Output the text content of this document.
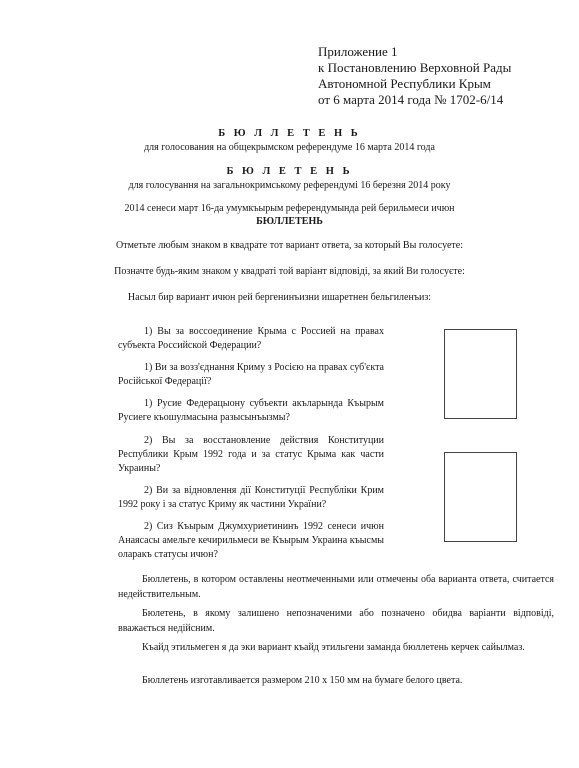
Приложение 1
к Постановлению Верховной Рады
Автономной Республики Крым
от 6 марта 2014 года № 1702-6/14
Б Ю Л Л Е Т Е Н Ь
для голосования на общекрымском референдуме 16 марта 2014 года
Б Ю Л Е Т Е Н Ь
для голосування на загальнокримському референдумі 16 березня 2014 року
2014 сенеси март 16-да умумкъырым референдумында рей берильмеси ичюн
БЮЛЛЕТЕНЬ
Отметьте любым знаком в квадрате тот вариант ответа, за который Вы голосуете:
Позначте будь-яким знаком у квадраті той варіант відповіді, за який Ви голосуєте:
Насыл бир вариант ичюн рей бергенинъизни ишаретнен бельгиленъиз:

1) Вы за воссоединение Крыма с Россией на правах субъекта Российской Федерации?

1) Ви за возз'єднання Криму з Росією на правах суб'єкта Російської Федерації?

1) Русие Федерацыону субъекти акъларында Къырым Русиеге къошулмасына разысынъызмы?

2) Вы за восстановление действия Конституции Республики Крым 1992 года и за статус Крыма как части Украины?

2) Ви за відновлення дії Конституції Республіки Крим 1992 року і за статус Криму як частини України?

2) Сиз Къырым Джумхуриетининъ 1992 сенеси ичюн Анаясасы амельге кечирильмеси ве Къырым Украина къысмы оларакъ статусы ичюн?

Бюллетень, в котором оставлены неотмеченными или отмечены оба варианта ответа, считается недействительным.

Бюлетень, в якому залишено непозначеними або позначено обидва варіанти відповіді, вважається недійсним.

Къайд этильмеген я да эки вариант къайд этильгени заманда бюллетень керчек сайылмаз.

Бюллетень изготавливается размером 210 х 150 мм на бумаге белого цвета.
